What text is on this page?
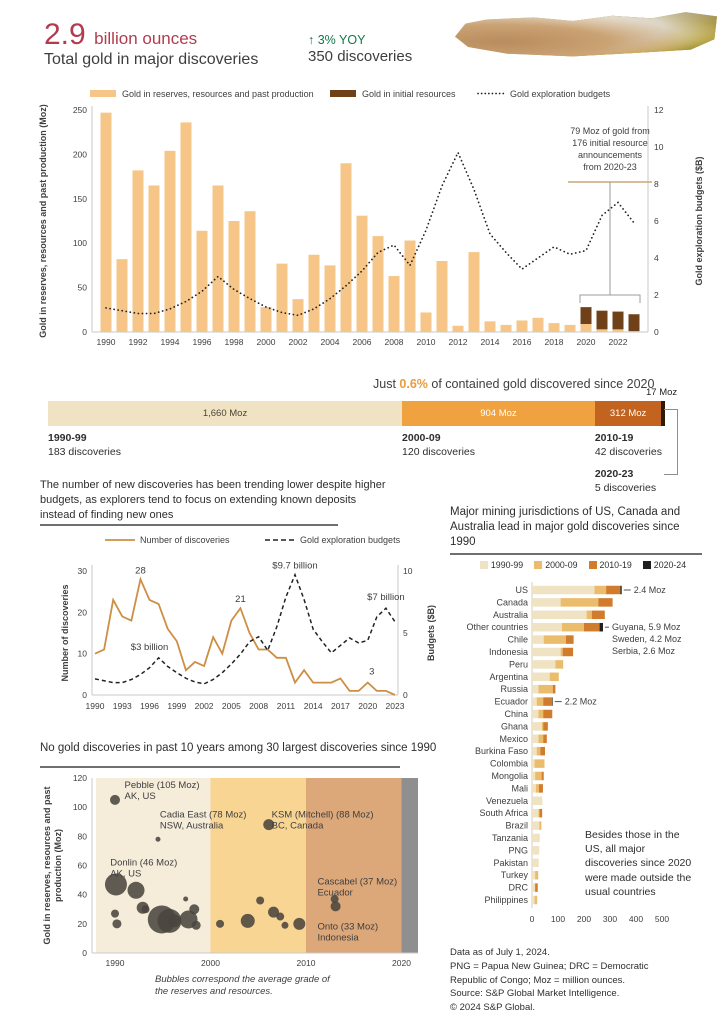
2.9 billion ounces
Total gold in major discoveries
↑ 3% YOY
350 discoveries
Gold in reserves, resources and past production	Gold in initial resources	Gold exploration budgets
0
50
100
150
200
250
0
2
4
6
8
10
12
1990 1992 1994 1996 1998 2000 2002 2004 2006 2008 2010 2012 2014 2016 2018 2020 2022
Gold in reserves, resources and past production (Moz)	Gold exploration budgets ($B)
79 Moz of gold from
176 initial resource
announcements
from 2020-23
Just 0.6% of contained gold discovered since 2020
17 Moz
1,660 Moz	904 Moz	312 Moz
1990-99
183 discoveries
2000-09
120 discoveries
2010-19
42 discoveries
2020-23
5 discoveries
The number of new discoveries has been trending lower despite higher budgets, as explorers tend to focus on extending known deposits instead of finding new ones
Number of discoveries	Gold exploration budgets
0
10
20
30
0
5
10
1990 1993 1996 1999 2002 2005 2008 2011 2014 2017 2020 2023
Number of discoveries	Budgets ($B)
28
21
$3 billion
$9.7 billion
$7 billion
3
No gold discoveries in past 10 years among 30 largest discoveries since 1990
0
20
40
60
80
100
120
1990	2000	2010	2020
Gold in reserves, resources and past production (Moz)
Pebble (105 Moz)
AK, US
Cadia East (78 Moz)
NSW, Australia
KSM (Mitchell) (88 Moz)
BC, Canada
Donlin (46 Moz)
AK, US
Cascabel (37 Moz)
Ecuador
Onto (33 Moz)
Indonesia
Bubbles correspond the average grade of
the reserves and resources.
Major mining jurisdictions of US, Canada and Australia lead in major gold discoveries since 1990
1990-99	2000-09	2010-19	2020-24
US	2.4 Moz
Canada
Australia
Other countries	Guyana, 5.9 Moz
Sweden, 4.2 Moz
Serbia, 2.6 Moz
Chile
Indonesia
Peru
Argentina
Russia
Ecuador	2.2 Moz
China
Ghana
Mexico
Burkina Faso
Colombia
Mongolia
Mali
Venezuela
South Africa
Brazil
Tanzania
PNG
Pakistan
Turkey
DRC
Philippines
0 100 200 300 400 500
Besides those in the US, all major discoveries since 2020 were made outside the usual countries
Data as of July 1, 2024.
PNG = Papua New Guinea; DRC = Democratic
Republic of Congo; Moz = million ounces.
Source: S&P Global Market Intelligence.
© 2024 S&P Global.
